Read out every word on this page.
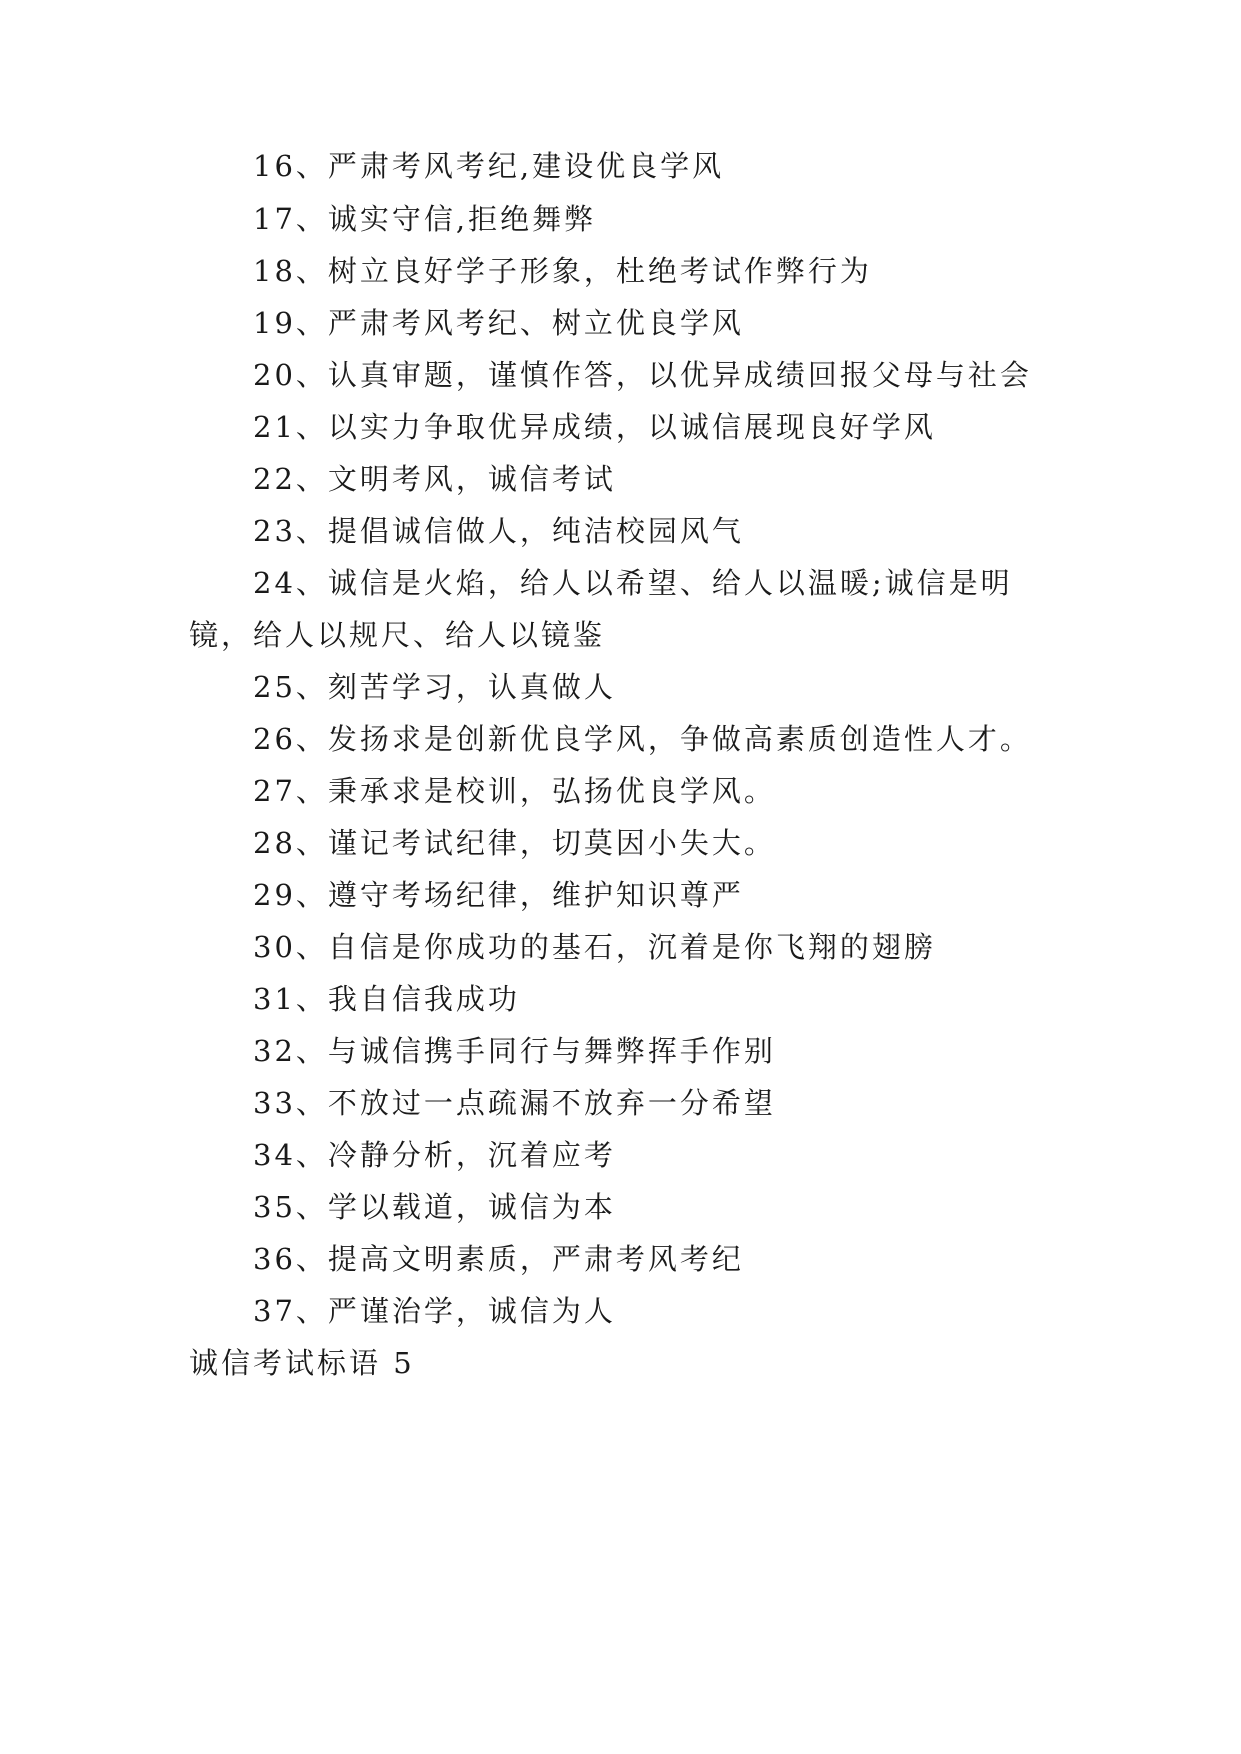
16、严肃考风考纪,建设优良学风
17、诚实守信,拒绝舞弊
18、树立良好学子形象，杜绝考试作弊行为
19、严肃考风考纪、树立优良学风
20、认真审题，谨慎作答，以优异成绩回报父母与社会
21、以实力争取优异成绩，以诚信展现良好学风
22、文明考风，诚信考试
23、提倡诚信做人，纯洁校园风气
24、诚信是火焰，给人以希望、给人以温暖;诚信是明
镜，给人以规尺、给人以镜鉴
25、刻苦学习，认真做人
26、发扬求是创新优良学风，争做高素质创造性人才。
27、秉承求是校训，弘扬优良学风。
28、谨记考试纪律，切莫因小失大。
29、遵守考场纪律，维护知识尊严
30、自信是你成功的基石，沉着是你飞翔的翅膀
31、我自信我成功
32、与诚信携手同行与舞弊挥手作别
33、不放过一点疏漏不放弃一分希望
34、冷静分析，沉着应考
35、学以载道，诚信为本
36、提高文明素质，严肃考风考纪
37、严谨治学，诚信为人
诚信考试标语 5
